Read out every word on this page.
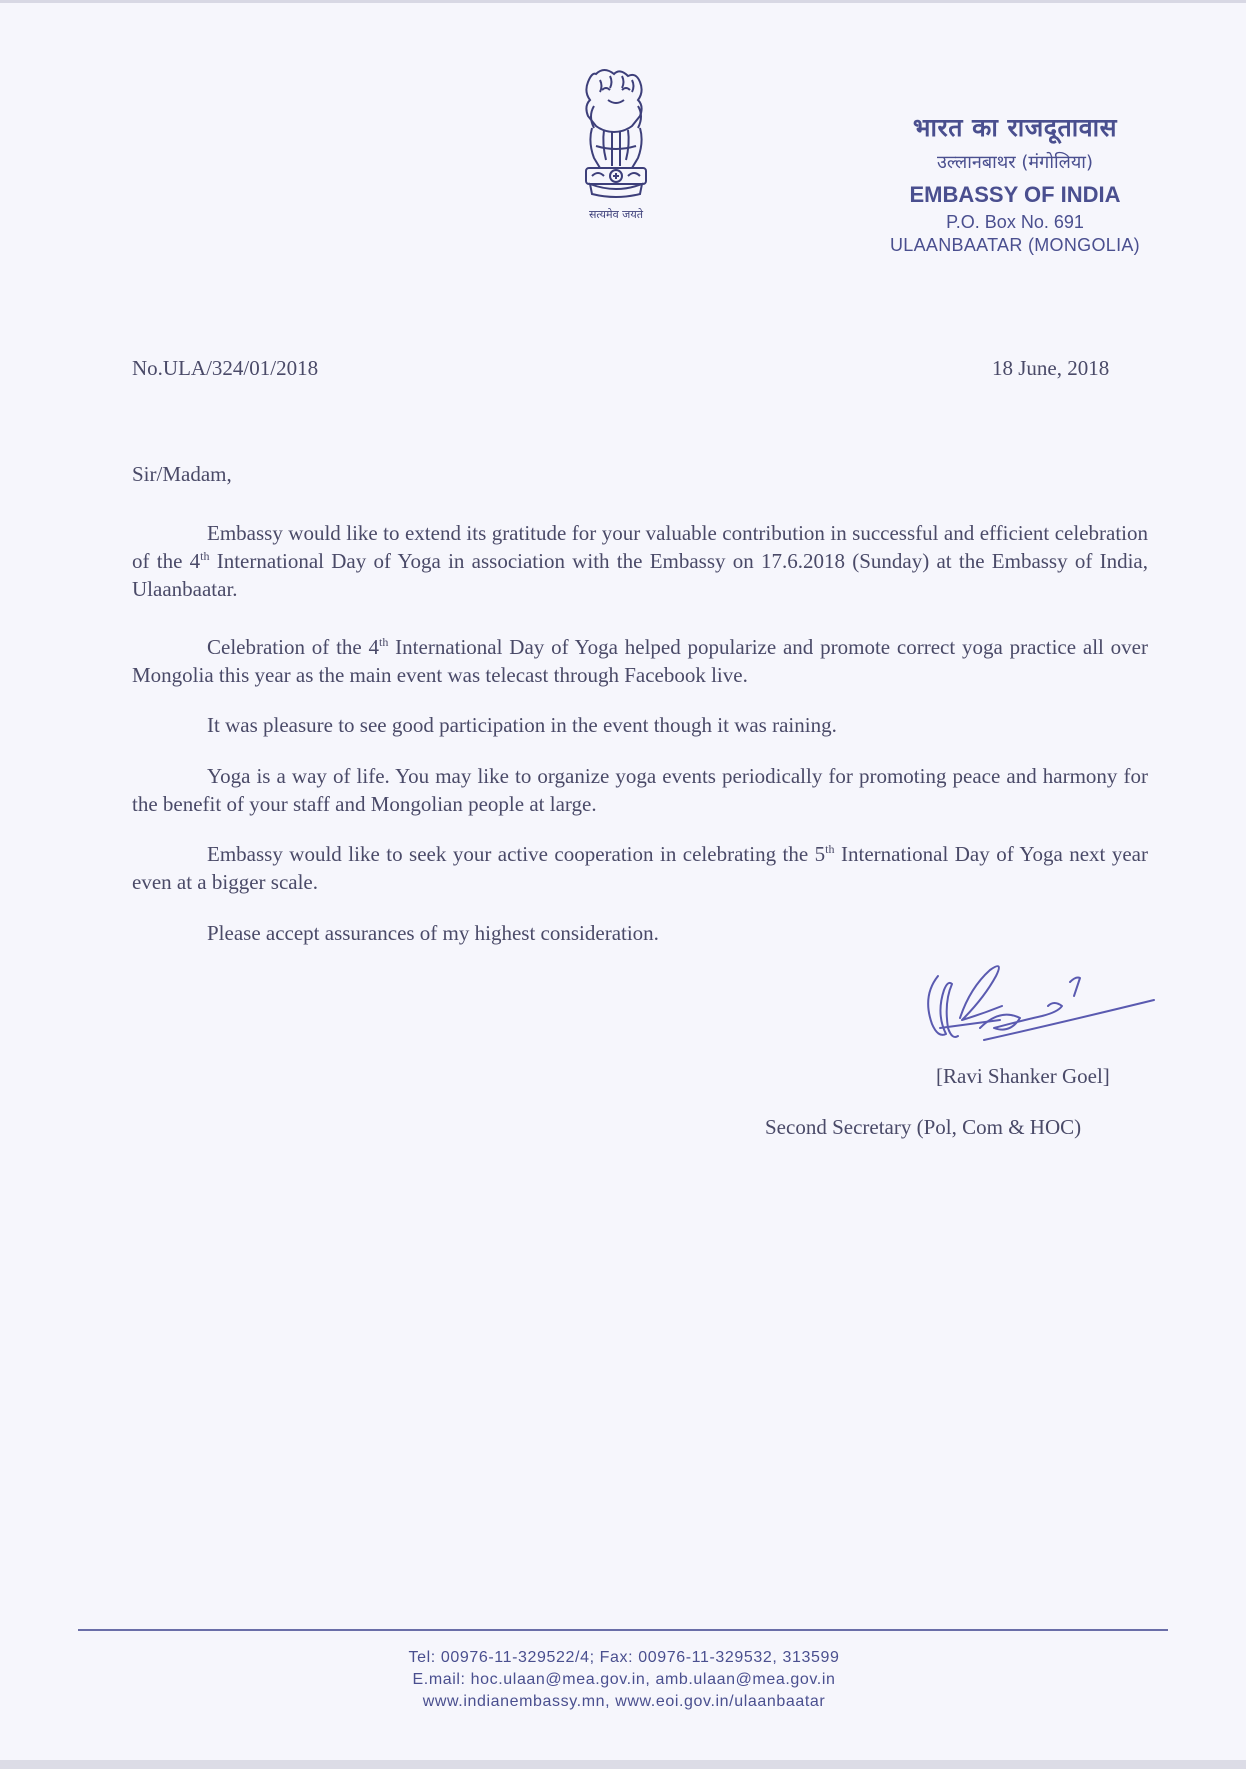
सत्यमेव जयते
भारत का राजदूतावास
उल्लानबाथर (मंगोलिया)
EMBASSY OF INDIA
P.O. Box No. 691
ULAANBAATAR (MONGOLIA)
No.ULA/324/01/2018	18 June, 2018
Sir/Madam,
Embassy would like to extend its gratitude for your valuable contribution in successful and efficient celebration of the 4th International Day of Yoga in association with the Embassy on 17.6.2018 (Sunday) at the Embassy of India, Ulaanbaatar.
Celebration of the 4th International Day of Yoga helped popularize and promote correct yoga practice all over Mongolia this year as the main event was telecast through Facebook live.
It was pleasure to see good participation in the event though it was raining.
Yoga is a way of life. You may like to organize yoga events periodically for promoting peace and harmony for the benefit of your staff and Mongolian people at large.
Embassy would like to seek your active cooperation in celebrating the 5th International Day of Yoga next year even at a bigger scale.
Please accept assurances of my highest consideration.
[Ravi Shanker Goel]
Second Secretary (Pol, Com & HOC)
Tel: 00976-11-329522/4; Fax: 00976-11-329532, 313599
E.mail: hoc.ulaan@mea.gov.in, amb.ulaan@mea.gov.in
www.indianembassy.mn, www.eoi.gov.in/ulaanbaatar
